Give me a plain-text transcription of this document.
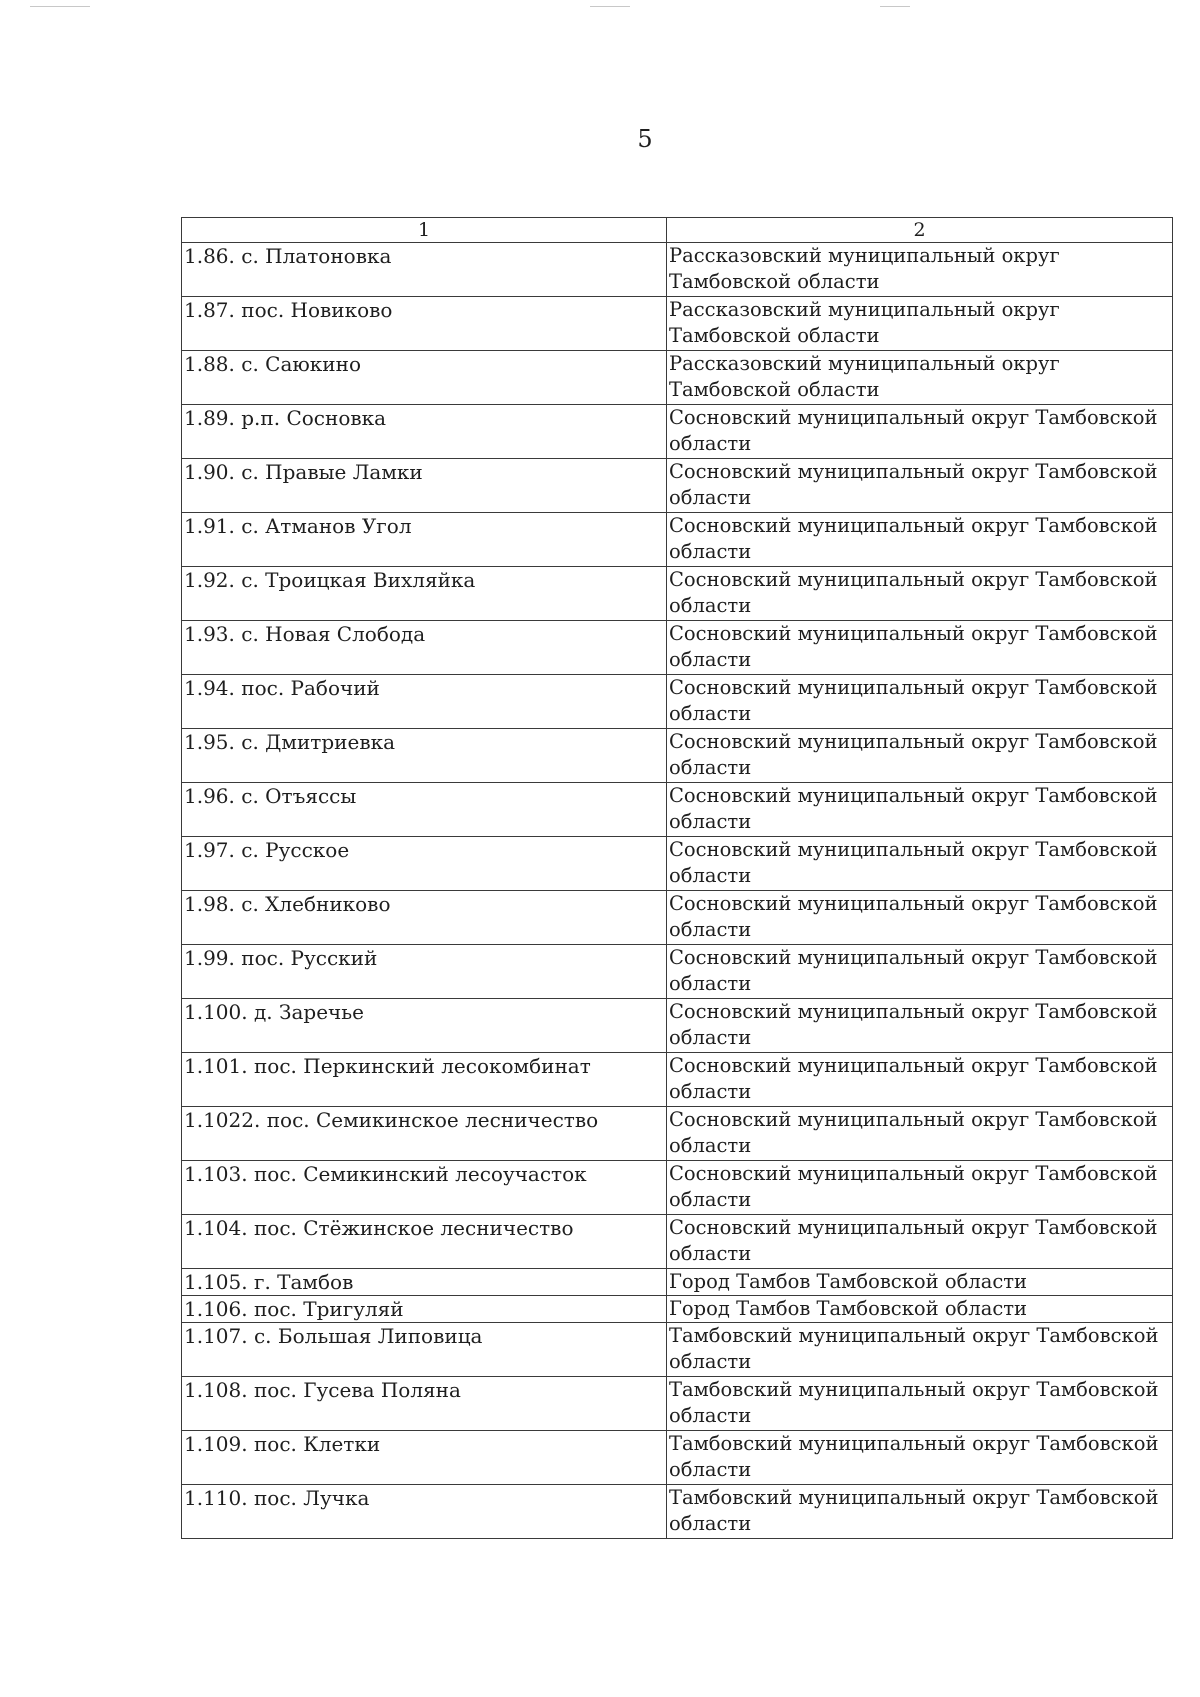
5
1	2
1.86. с. Платоновка	Рассказовский муниципальный округ Тамбовской области
1.87. пос. Новиково	Рассказовский муниципальный округ Тамбовской области
1.88. с. Саюкино	Рассказовский муниципальный округ Тамбовской области
1.89. р.п. Сосновка	Сосновский муниципальный округ Тамбовской области
1.90. с. Правые Ламки	Сосновский муниципальный округ Тамбовской области
1.91. с. Атманов Угол	Сосновский муниципальный округ Тамбовской области
1.92. с. Троицкая Вихляйка	Сосновский муниципальный округ Тамбовской области
1.93. с. Новая Слобода	Сосновский муниципальный округ Тамбовской области
1.94. пос. Рабочий	Сосновский муниципальный округ Тамбовской области
1.95. с. Дмитриевка	Сосновский муниципальный округ Тамбовской области
1.96. с. Отъяссы	Сосновский муниципальный округ Тамбовской области
1.97. с. Русское	Сосновский муниципальный округ Тамбовской области
1.98. с. Хлебниково	Сосновский муниципальный округ Тамбовской области
1.99. пос. Русский	Сосновский муниципальный округ Тамбовской области
1.100. д. Заречье	Сосновский муниципальный округ Тамбовской области
1.101. пос. Перкинский лесокомбинат	Сосновский муниципальный округ Тамбовской области
1.1022. пос. Семикинское лесничество	Сосновский муниципальный округ Тамбовской области
1.103. пос. Семикинский лесоучасток	Сосновский муниципальный округ Тамбовской области
1.104. пос. Стёжинское лесничество	Сосновский муниципальный округ Тамбовской области
1.105. г. Тамбов	Город Тамбов Тамбовской области
1.106. пос. Тригуляй	Город Тамбов Тамбовской области
1.107. с. Большая Липовица	Тамбовский муниципальный округ Тамбовской области
1.108. пос. Гусева Поляна	Тамбовский муниципальный округ Тамбовской области
1.109. пос. Клетки	Тамбовский муниципальный округ Тамбовской области
1.110. пос. Лучка	Тамбовский муниципальный округ Тамбовской области
